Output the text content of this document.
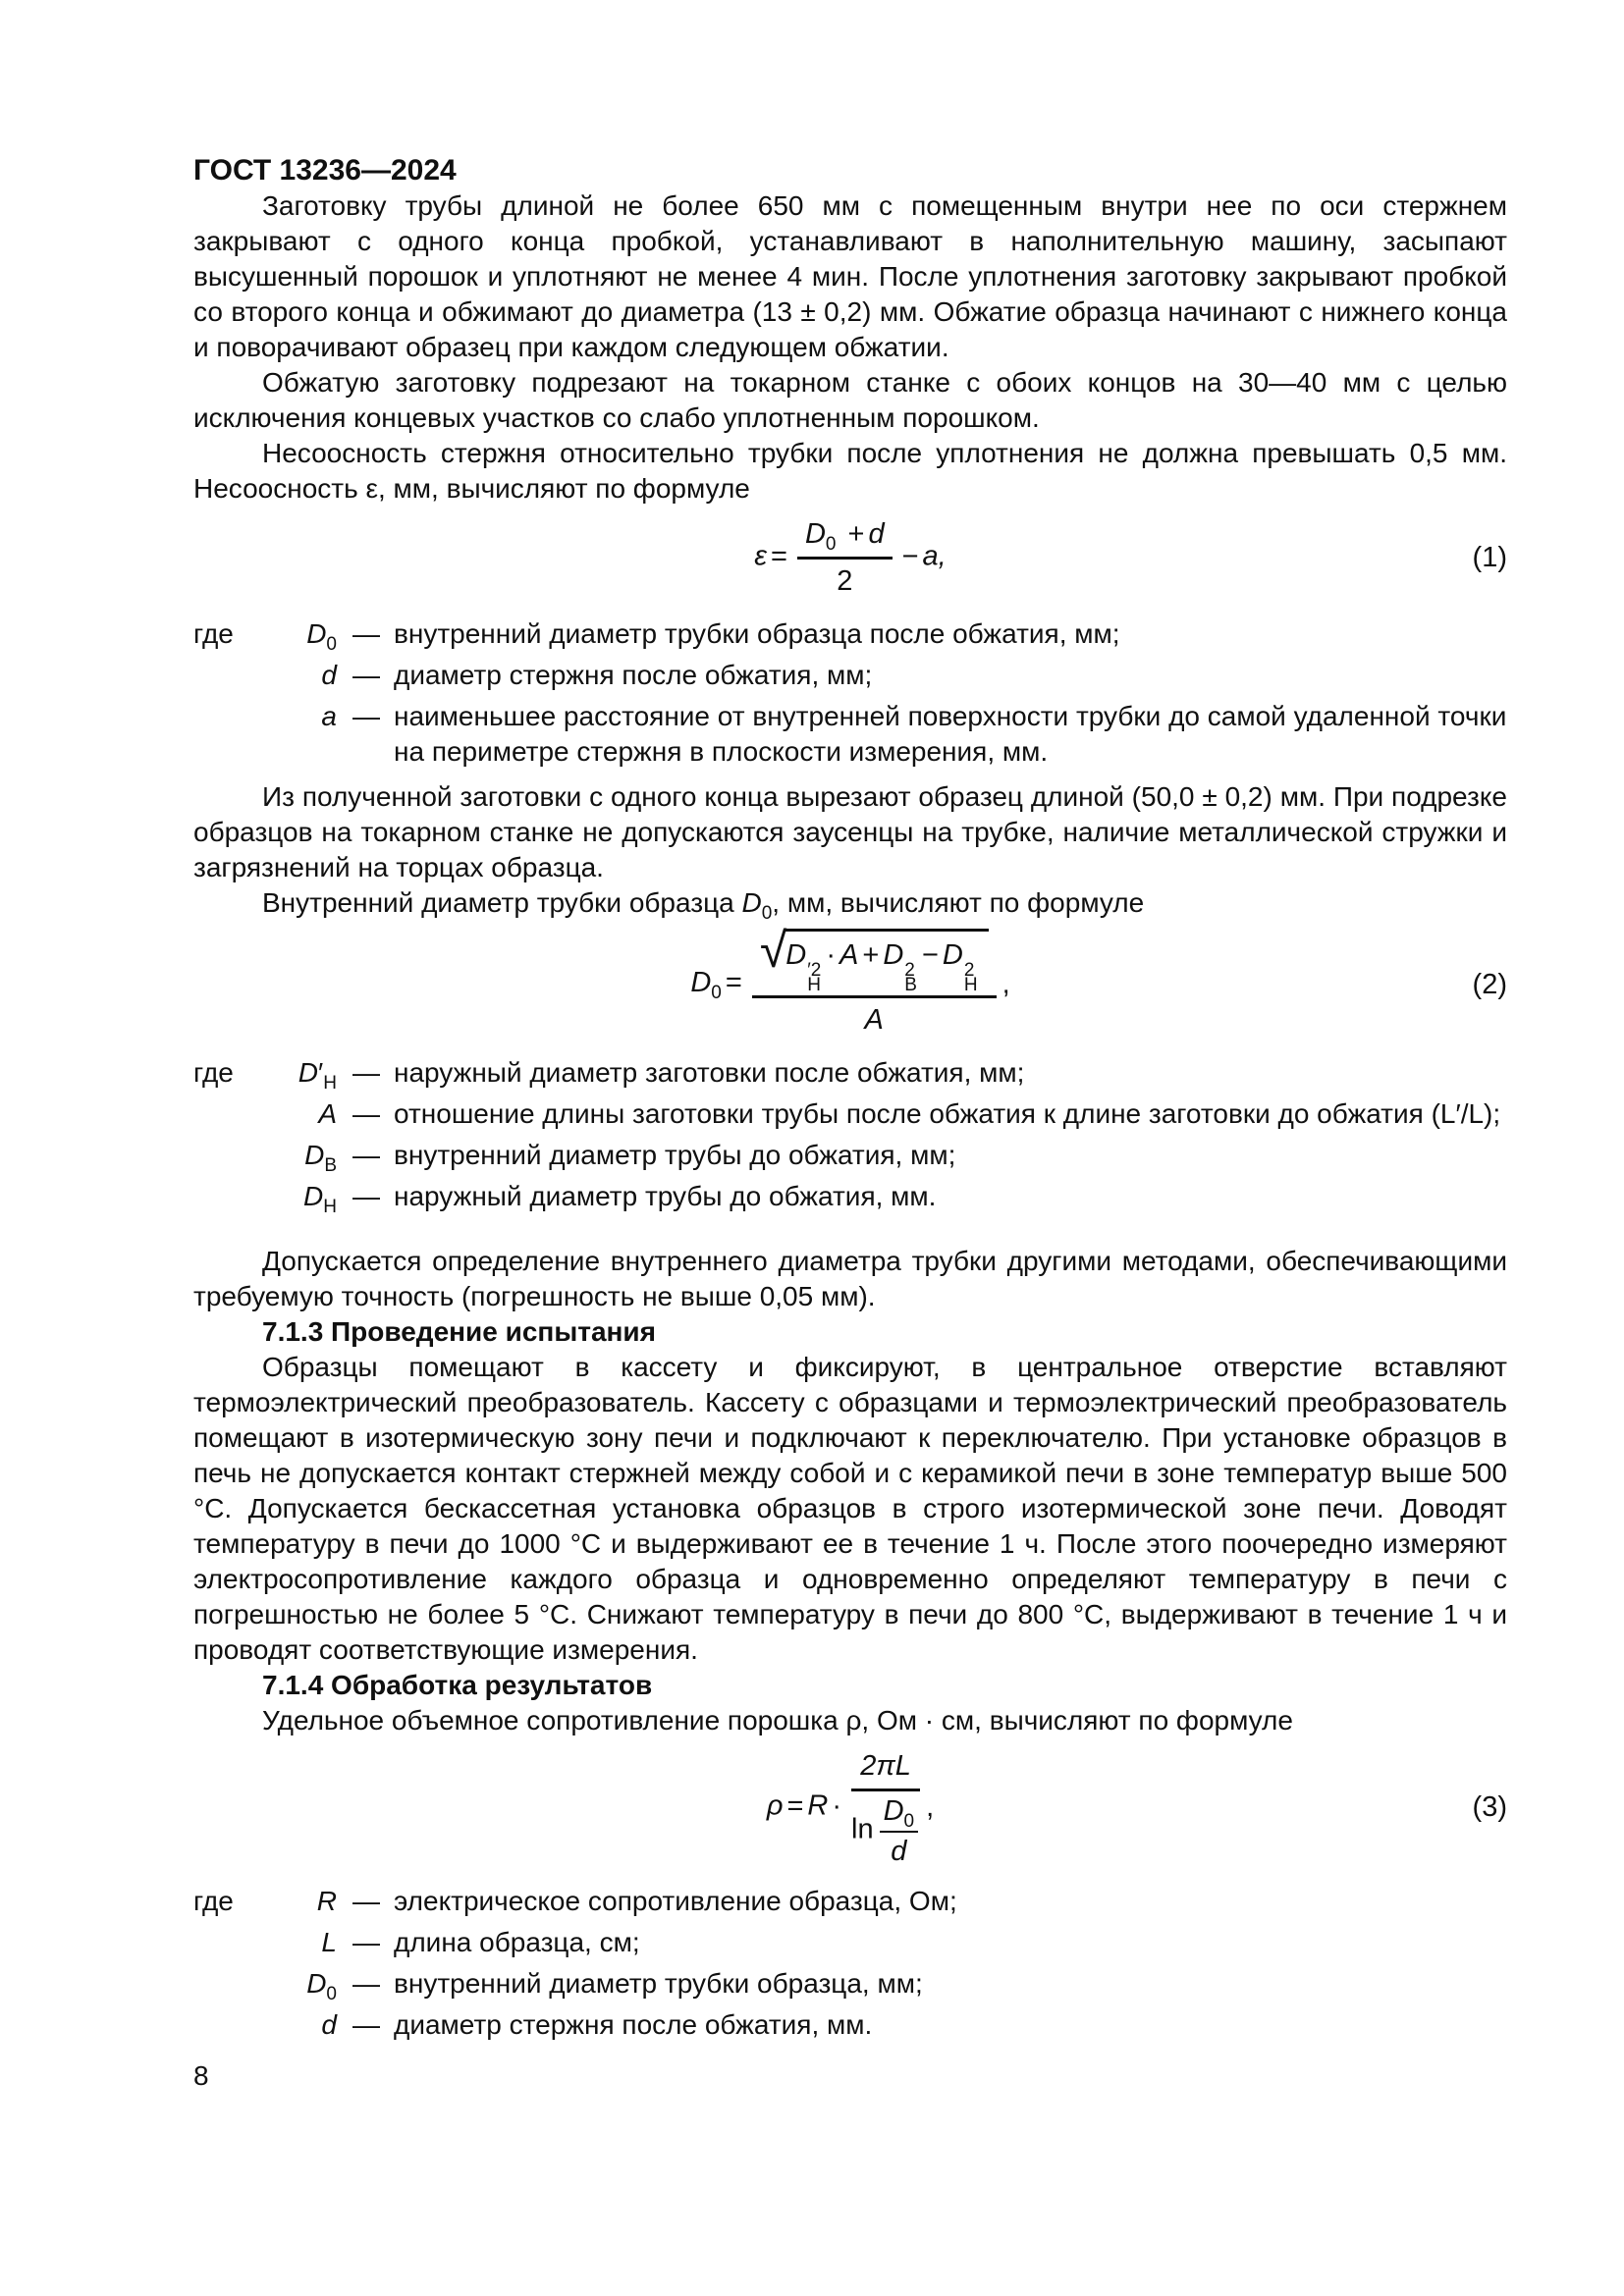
ГОСТ 13236—2024

Заготовку трубы длиной не более 650 мм с помещенным внутри нее по оси стержнем закрывают с одного конца пробкой, устанавливают в наполнительную машину, засыпают высушенный порошок и уплотняют не менее 4 мин. После уплотнения заготовку закрывают пробкой со второго конца и обжимают до диаметра (13 ± 0,2) мм. Обжатие образца начинают с нижнего конца и поворачивают образец при каждом следующем обжатии.

Обжатую заготовку подрезают на токарном станке с обоих концов на 30—40 мм с целью исключения концевых участков со слабо уплотненным порошком.

Несоосность стержня относительно трубки после уплотнения не должна превышать 0,5 мм. Несоосность ε, мм, вычисляют по формуле

$\varepsilon = \frac{D_0 + d}{2} - a$,	(1)
где	$D_0$ — внутренний диаметр трубки образца после обжатия, мм;
d — диаметр стержня после обжатия, мм;
a — наименьшее расстояние от внутренней поверхности трубки до самой удаленной точки на периметре стержня в плоскости измерения, мм.

Из полученной заготовки с одного конца вырезают образец длиной (50,0 ± 0,2) мм. При подрезке образцов на токарном станке не допускаются заусенцы на трубке, наличие металлической стружки и загрязнений на торцах образца.

Внутренний диаметр трубки образца $D_0$, мм, вычисляют по формуле

$D_0$ = √ D ′2
Н
· A + D 2
В
− D 2
Н
A ,	(2)
где	$D'_Н$ — наружный диаметр заготовки после обжатия, мм;
A — отношение длины заготовки трубы после обжатия к длине заготовки до обжатия (L′/L);
$D_В$ — внутренний диаметр трубы до обжатия, мм;
$D_Н$ — наружный диаметр трубы до обжатия, мм.

Допускается определение внутреннего диаметра трубки другими методами, обеспечивающими требуемую точность (погрешность не выше 0,05 мм).

7.1.3 Проведение испытания

Образцы помещают в кассету и фиксируют, в центральное отверстие вставляют термоэлектрический преобразователь. Кассету с образцами и термоэлектрический преобразователь помещают в изотермическую зону печи и подключают к переключателю. При установке образцов в печь не допускается контакт стержней между собой и с керамикой печи в зоне температур выше 500 °С. Допускается бескассетная установка образцов в строго изотермической зоне печи. Доводят температуру в печи до 1000 °С и выдерживают ее в течение 1 ч. После этого поочередно измеряют электросопротивление каждого образца и одновременно определяют температуру в печи с погрешностью не более 5 °С. Снижают температуру в печи до 800 °С, выдерживают в течение 1 ч и проводят соответствующие измерения.

7.1.4 Обработка результатов

Удельное объемное сопротивление порошка ρ, Ом · см, вычисляют по формуле

$\rho = R \cdot \frac{2\pi L}{\ln \frac{D_0}{d}}$ ,	(3)
где	R — электрическое сопротивление образца, Ом;
L — длина образца, см;
$D_0$ — внутренний диаметр трубки образца, мм;
d — диаметр стержня после обжатия, мм.
8
